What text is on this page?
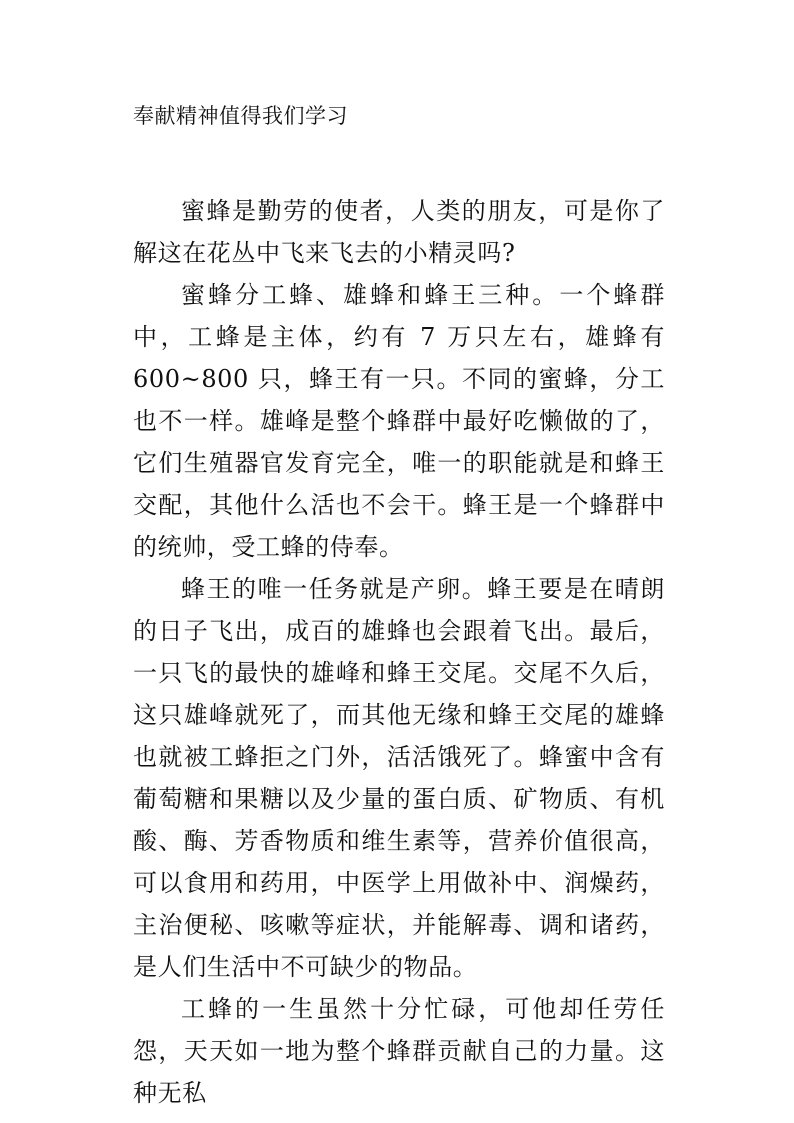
奉献精神值得我们学习

蜜蜂是勤劳的使者，人类的朋友，可是你了解这在花丛中飞来飞去的小精灵吗?

蜜蜂分工蜂、雄蜂和蜂王三种。一个蜂群中，工蜂是主体，约有 7 万只左右，雄蜂有 600~800 只，蜂王有一只。不同的蜜蜂，分工也不一样。雄峰是整个蜂群中最好吃懒做的了，它们生殖器官发育完全，唯一的职能就是和蜂王交配，其他什么活也不会干。蜂王是一个蜂群中的统帅，受工蜂的侍奉。

蜂王的唯一任务就是产卵。蜂王要是在晴朗的日子飞出，成百的雄蜂也会跟着飞出。最后，一只飞的最快的雄峰和蜂王交尾。交尾不久后，这只雄峰就死了，而其他无缘和蜂王交尾的雄蜂也就被工蜂拒之门外，活活饿死了。蜂蜜中含有葡萄糖和果糖以及少量的蛋白质、矿物质、有机酸、酶、芳香物质和维生素等，营养价值很高，可以食用和药用，中医学上用做补中、润燥药，主治便秘、咳嗽等症状，并能解毒、调和诸药，是人们生活中不可缺少的物品。

工蜂的一生虽然十分忙碌，可他却任劳任怨，天天如一地为整个蜂群贡献自己的力量。这种无私
